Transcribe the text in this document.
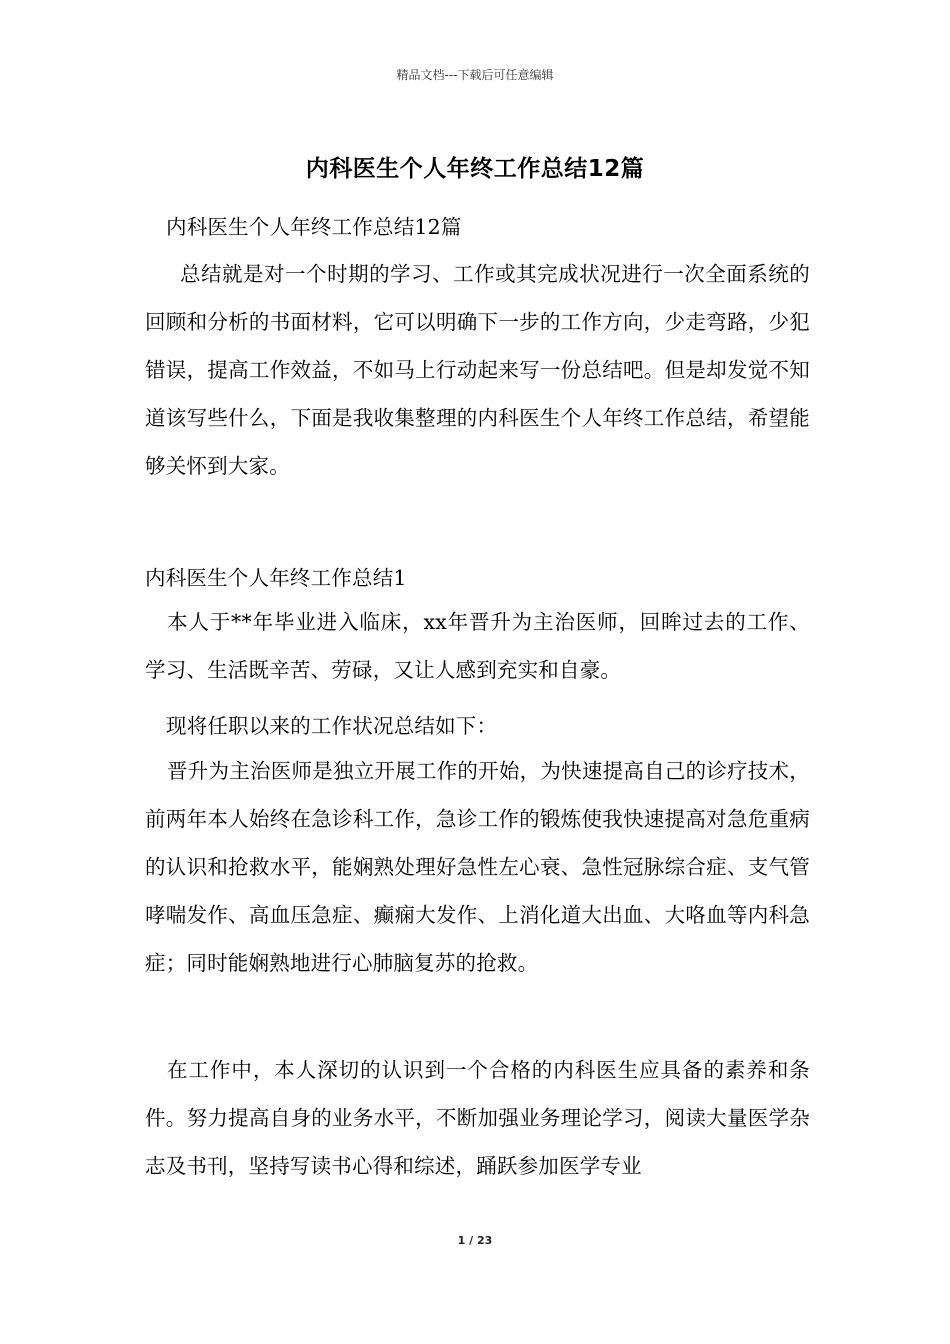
精品文档---下载后可任意编辑
内科医生个人年终工作总结12篇
内科医生个人年终工作总结12篇
总结就是对一个时期的学习、工作或其完成状况进行一次全面系统的回顾和分析的书面材料，它可以明确下一步的工作方向，少走弯路，少犯错误，提高工作效益，不如马上行动起来写一份总结吧。但是却发觉不知道该写些什么，下面是我收集整理的内科医生个人年终工作总结，希望能够关怀到大家。
内科医生个人年终工作总结1
本人于**年毕业进入临床，xx年晋升为主治医师，回眸过去的工作、学习、生活既辛苦、劳碌，又让人感到充实和自豪。
现将任职以来的工作状况总结如下：
晋升为主治医师是独立开展工作的开始，为快速提高自己的诊疗技术，前两年本人始终在急诊科工作，急诊工作的锻炼使我快速提高对急危重病的认识和抢救水平，能娴熟处理好急性左心衰、急性冠脉综合症、支气管哮喘发作、高血压急症、癫痫大发作、上消化道大出血、大咯血等内科急症；同时能娴熟地进行心肺脑复苏的抢救。
在工作中，本人深切的认识到一个合格的内科医生应具备的素养和条件。努力提高自身的业务水平，不断加强业务理论学习，阅读大量医学杂志及书刊，坚持写读书心得和综述，踊跃参加医学专业
1 / 23
